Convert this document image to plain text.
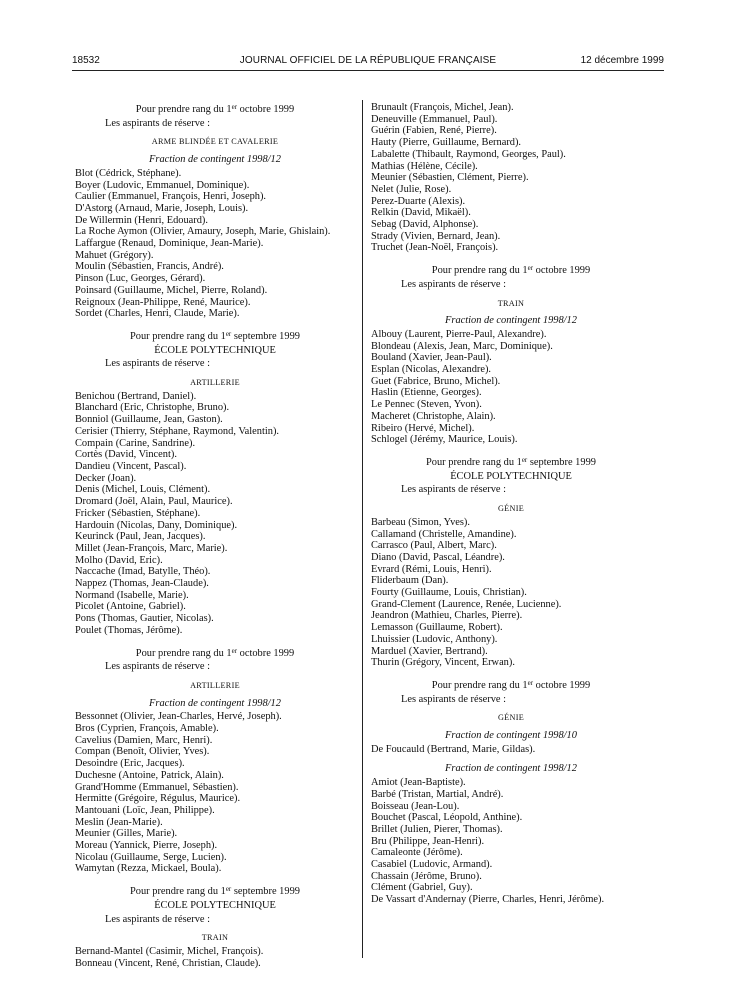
18532	JOURNAL OFFICIEL DE LA RÉPUBLIQUE FRANÇAISE	12 décembre 1999
Pour prendre rang du 1er octobre 1999
Les aspirants de réserve :
ARME BLINDÉE ET CAVALERIE
Fraction de contingent 1998/12
Blot (Cédrick, Stéphane).
Boyer (Ludovic, Emmanuel, Dominique).
Caulier (Emmanuel, François, Henri, Joseph).
D'Astorg (Arnaud, Marie, Joseph, Louis).
De Willermin (Henri, Edouard).
La Roche Aymon (Olivier, Amaury, Joseph, Marie, Ghislain).
Laffargue (Renaud, Dominique, Jean-Marie).
Mahuet (Grégory).
Moulin (Sébastien, Francis, André).
Pinson (Luc, Georges, Gérard).
Poinsard (Guillaume, Michel, Pierre, Roland).
Reignoux (Jean-Philippe, René, Maurice).
Sordet (Charles, Henri, Claude, Marie).
Pour prendre rang du 1er septembre 1999
ÉCOLE POLYTECHNIQUE
Les aspirants de réserve :
ARTILLERIE
Benichou (Bertrand, Daniel).
Blanchard (Eric, Christophe, Bruno).
Bonniol (Guillaume, Jean, Gaston).
Cerisier (Thierry, Stéphane, Raymond, Valentin).
Compain (Carine, Sandrine).
Cortès (David, Vincent).
Dandieu (Vincent, Pascal).
Decker (Joan).
Denis (Michel, Louis, Clément).
Dromard (Joël, Alain, Paul, Maurice).
Fricker (Sébastien, Stéphane).
Hardouin (Nicolas, Dany, Dominique).
Keurinck (Paul, Jean, Jacques).
Millet (Jean-François, Marc, Marie).
Molho (David, Eric).
Naccache (Imad, Batylle, Théo).
Nappez (Thomas, Jean-Claude).
Normand (Isabelle, Marie).
Picolet (Antoine, Gabriel).
Pons (Thomas, Gautier, Nicolas).
Poulet (Thomas, Jérôme).
Pour prendre rang du 1er octobre 1999
Les aspirants de réserve :
ARTILLERIE
Fraction de contingent 1998/12
Bessonnet (Olivier, Jean-Charles, Hervé, Joseph).
Bros (Cyprien, François, Amable).
Cavelius (Damien, Marc, Henri).
Compan (Benoît, Olivier, Yves).
Desoindre (Eric, Jacques).
Duchesne (Antoine, Patrick, Alain).
Grand'Homme (Emmanuel, Sébastien).
Hermitte (Grégoire, Régulus, Maurice).
Mantouani (Loïc, Jean, Philippe).
Meslin (Jean-Marie).
Meunier (Gilles, Marie).
Moreau (Yannick, Pierre, Joseph).
Nicolau (Guillaume, Serge, Lucien).
Wamytan (Rezza, Mickael, Boula).
Pour prendre rang du 1er septembre 1999
ÉCOLE POLYTECHNIQUE
Les aspirants de réserve :
TRAIN
Bernand-Mantel (Casimir, Michel, François).
Bonneau (Vincent, René, Christian, Claude).
Brunault (François, Michel, Jean).
Deneuville (Emmanuel, Paul).
Guérin (Fabien, René, Pierre).
Hauty (Pierre, Guillaume, Bernard).
Labalette (Thibault, Raymond, Georges, Paul).
Mathias (Hélène, Cécile).
Meunier (Sébastien, Clément, Pierre).
Nelet (Julie, Rose).
Perez-Duarte (Alexis).
Relkin (David, Mikaël).
Sebag (David, Alphonse).
Strady (Vivien, Bernard, Jean).
Truchet (Jean-Noël, François).
Pour prendre rang du 1er octobre 1999
Les aspirants de réserve :
TRAIN
Fraction de contingent 1998/12
Albouy (Laurent, Pierre-Paul, Alexandre).
Blondeau (Alexis, Jean, Marc, Dominique).
Bouland (Xavier, Jean-Paul).
Esplan (Nicolas, Alexandre).
Guet (Fabrice, Bruno, Michel).
Haslin (Etienne, Georges).
Le Pennec (Steven, Yvon).
Macheret (Christophe, Alain).
Ribeiro (Hervé, Michel).
Schlogel (Jérémy, Maurice, Louis).
Pour prendre rang du 1er septembre 1999
ÉCOLE POLYTECHNIQUE
Les aspirants de réserve :
GÉNIE
Barbeau (Simon, Yves).
Callamand (Christelle, Amandine).
Carrasco (Paul, Albert, Marc).
Diano (David, Pascal, Léandre).
Evrard (Rémi, Louis, Henri).
Fliderbaum (Dan).
Fourty (Guillaume, Louis, Christian).
Grand-Clement (Laurence, Renée, Lucienne).
Jeandron (Mathieu, Charles, Pierre).
Lemasson (Guillaume, Robert).
Lhuissier (Ludovic, Anthony).
Marduel (Xavier, Bertrand).
Thurin (Grégory, Vincent, Erwan).
Pour prendre rang du 1er octobre 1999
Les aspirants de réserve :
GÉNIE
Fraction de contingent 1998/10
De Foucauld (Bertrand, Marie, Gildas).
Fraction de contingent 1998/12
Amiot (Jean-Baptiste).
Barbé (Tristan, Martial, André).
Boisseau (Jean-Lou).
Bouchet (Pascal, Léopold, Anthine).
Brillet (Julien, Pierer, Thomas).
Bru (Philippe, Jean-Henri).
Camaleonte (Jérôme).
Casabiel (Ludovic, Armand).
Chassain (Jérôme, Bruno).
Clément (Gabriel, Guy).
De Vassart d'Andernay (Pierre, Charles, Henri, Jérôme).
